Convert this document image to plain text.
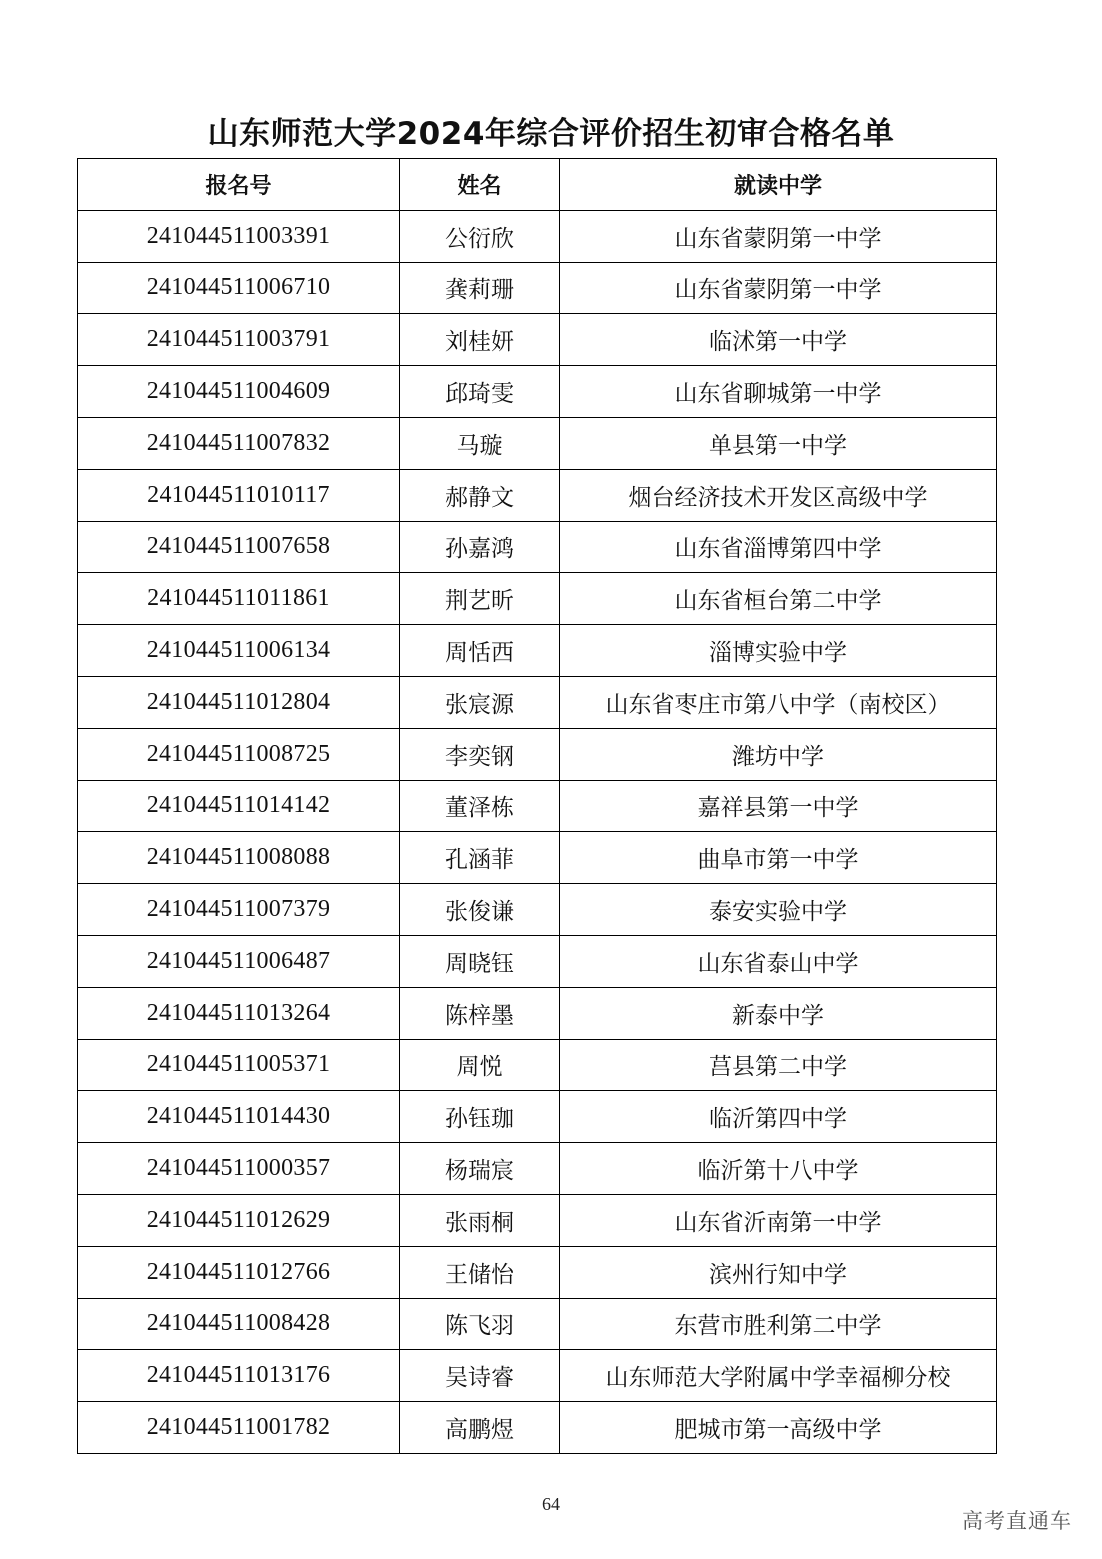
山东师范大学2024年综合评价招生初审合格名单
报名号	姓名	就读中学
241044511003391	公衍欣	山东省蒙阴第一中学
241044511006710	龚莉珊	山东省蒙阴第一中学
241044511003791	刘桂妍	临沭第一中学
241044511004609	邱琦雯	山东省聊城第一中学
241044511007832	马璇	单县第一中学
241044511010117	郝静文	烟台经济技术开发区高级中学
241044511007658	孙嘉鸿	山东省淄博第四中学
241044511011861	荆艺昕	山东省桓台第二中学
241044511006134	周恬西	淄博实验中学
241044511012804	张宸源	山东省枣庄市第八中学（南校区）
241044511008725	李奕钢	潍坊中学
241044511014142	董泽栋	嘉祥县第一中学
241044511008088	孔涵菲	曲阜市第一中学
241044511007379	张俊谦	泰安实验中学
241044511006487	周晓钰	山东省泰山中学
241044511013264	陈梓墨	新泰中学
241044511005371	周悦	莒县第二中学
241044511014430	孙钰珈	临沂第四中学
241044511000357	杨瑞宸	临沂第十八中学
241044511012629	张雨桐	山东省沂南第一中学
241044511012766	王储怡	滨州行知中学
241044511008428	陈飞羽	东营市胜利第二中学
241044511013176	吴诗睿	山东师范大学附属中学幸福柳分校
241044511001782	高鹏煜	肥城市第一高级中学
64
高考直通车
